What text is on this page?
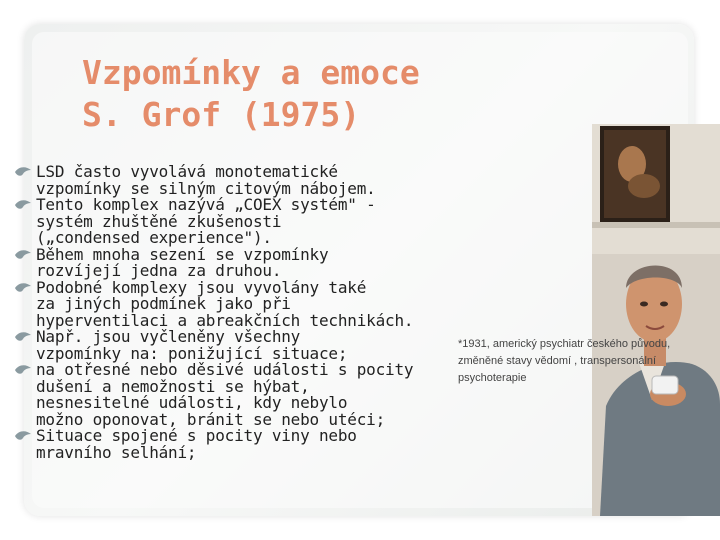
Vzpomínky a emoce
S. Grof (1975)

LSD často vyvolává monotematické

vzpomínky se silným citovým nábojem.

Tento komplex nazývá „COEX systém" -

systém zhuštěné zkušenosti

(„condensed experience").

Během mnoha sezení se vzpomínky

rozvíjejí jedna za druhou.

Podobné komplexy jsou vyvolány také

za jiných podmínek jako při

hyperventilaci a abreakčních technikách.

Např. jsou vyčleněny všechny

vzpomínky na: ponižující situace;

na otřesné nebo děsivé události s pocity

dušení a nemožnosti se hýbat,

nesnesitelné události, kdy nebylo

možno oponovat, bránit se nebo utéci;

Situace spojené s pocity viny nebo

mravního selhání;

*1931, americký psychiatr českého původu,
změněné stavy vědomí , transpersonální
psychoterapie
